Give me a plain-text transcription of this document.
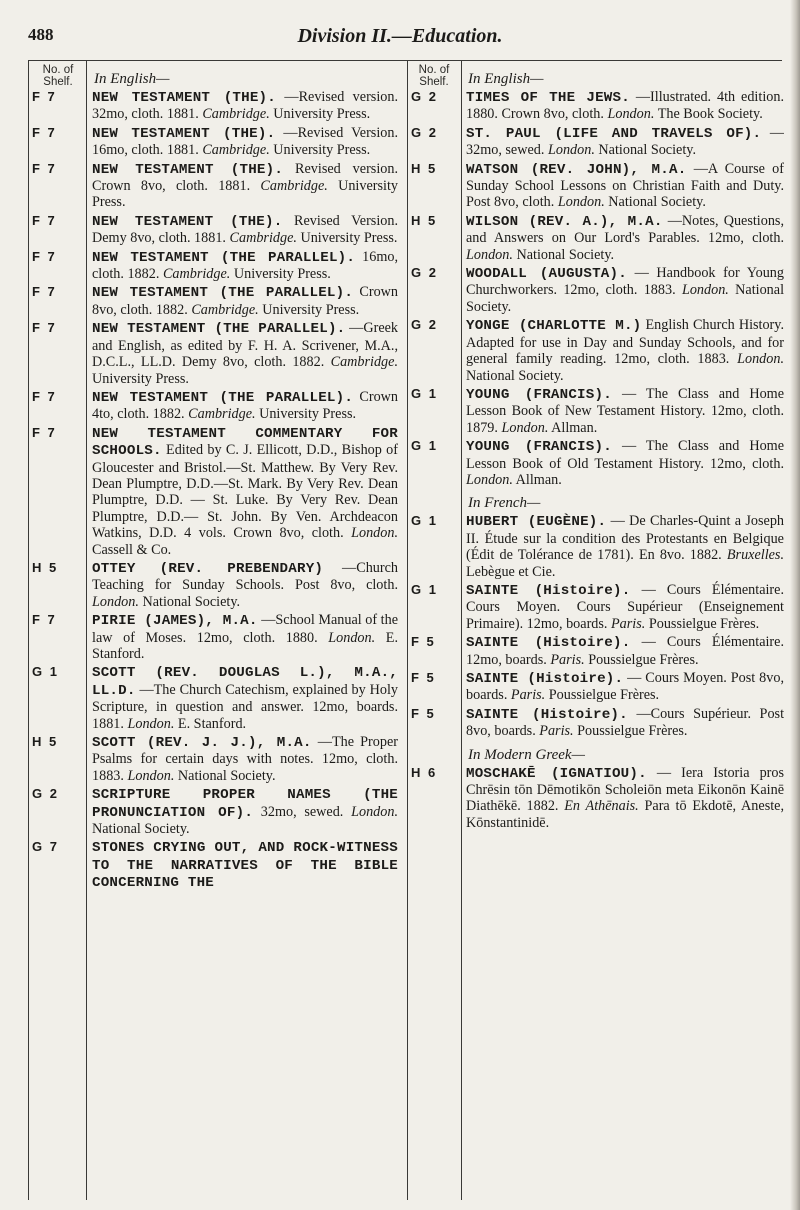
488	Division II.—Education.
No. of Shelf.	In English—
F 7 NEW TESTAMENT (THE). —Revised version. 32mo, cloth. 1881. Cambridge. University Press.
F 7 NEW TESTAMENT (THE). —Revised Version. 16mo, cloth. 1881. Cambridge. University Press.
F 7 NEW TESTAMENT (THE). Revised version. Crown 8vo, cloth. 1881. Cambridge. University Press.
F 7 NEW TESTAMENT (THE). Revised Version. Demy 8vo, cloth. 1881. Cambridge. University Press.
F 7 NEW TESTAMENT (THE PARALLEL). 16mo, cloth. 1882. Cambridge. University Press.
F 7 NEW TESTAMENT (THE PARALLEL). Crown 8vo, cloth. 1882. Cambridge. University Press.
F 7 NEW TESTAMENT (THE PARALLEL). —Greek and English, as edited by F. H. A. Scrivener, M.A., D.C.L., LL.D. Demy 8vo, cloth. 1882. Cambridge. University Press.
F 7 NEW TESTAMENT (THE PARALLEL). Crown 4to, cloth. 1882. Cambridge. University Press.
F 7 NEW TESTAMENT COMMENTARY FOR SCHOOLS. Edited by C. J. Ellicott, D.D., Bishop of Gloucester and Bristol.—St. Matthew. By Very Rev. Dean Plumptre, D.D.—St. Mark. By Very Rev. Dean Plumptre, D.D. — St. Luke. By Very Rev. Dean Plumptre, D.D.— St. John. By Ven. Archdeacon Watkins, D.D. 4 vols. Crown 8vo, cloth. London. Cassell & Co.
H 5 OTTEY (REV. PREBENDARY) —Church Teaching for Sunday Schools. Post 8vo, cloth. London. National Society.
F 7 PIRIE (JAMES), M.A. —School Manual of the law of Moses. 12mo, cloth. 1880. London. E. Stanford.
G 1 SCOTT (REV. DOUGLAS L.), M.A., LL.D. —The Church Catechism, explained by Holy Scripture, in question and answer. 12mo, boards. 1881. London. E. Stanford.
H 5 SCOTT (REV. J. J.), M.A. —The Proper Psalms for certain days with notes. 12mo, cloth. 1883. London. National Society.
G 2 SCRIPTURE PROPER NAMES (THE PRONUNCIATION OF). 32mo, sewed. London. National Society.
G 7 STONES CRYING OUT, AND ROCK-WITNESS TO THE NARRATIVES OF THE BIBLE CONCERNING THE
No. of Shelf.	In English—
G 2 TIMES OF THE JEWS. —Illustrated. 4th edition. 1880. Crown 8vo, cloth. London. The Book Society.
G 2 ST. PAUL (LIFE AND TRAVELS OF). — 32mo, sewed. London. National Society.
H 5 WATSON (REV. JOHN), M.A. —A Course of Sunday School Lessons on Christian Faith and Duty. Post 8vo, cloth. London. National Society.
H 5 WILSON (REV. A.), M.A. —Notes, Questions, and Answers on Our Lord's Parables. 12mo, cloth. London. National Society.
G 2 WOODALL (AUGUSTA). — Handbook for Young Churchworkers. 12mo, cloth. 1883. London. National Society.
G 2 YONGE (CHARLOTTE M.) English Church History. Adapted for use in Day and Sunday Schools, and for general family reading. 12mo, cloth. 1883. London. National Society.
G 1 YOUNG (FRANCIS). — The Class and Home Lesson Book of New Testament History. 12mo, cloth. 1879. London. Allman.
G 1 YOUNG (FRANCIS). — The Class and Home Lesson Book of Old Testament History. 12mo, cloth. London. Allman.
In French—
G 1 HUBERT (EUGÈNE). — De Charles-Quint a Joseph II. Étude sur la condition des Protestants en Belgique (Édit de Tolérance de 1781). En 8vo. 1882. Bruxelles. Lebègue et Cie.
G 1 SAINTE (Histoire). — Cours Élémentaire. Cours Moyen. Cours Supérieur (Enseignement Primaire). 12mo, boards. Paris. Poussielgue Frères.
F 5 SAINTE (Histoire). — Cours Élémentaire. 12mo, boards. Paris. Poussielgue Frères.
F 5 SAINTE (Histoire). — Cours Moyen. Post 8vo, boards. Paris. Poussielgue Frères.
F 5 SAINTE (Histoire). —Cours Supérieur. Post 8vo, boards. Paris. Poussielgue Frères.
In Modern Greek—
H 6 MOSCHAKĒ (IGNATIOU). — Iera Istoria pros Chrēsin tōn Dēmotikōn Scholeiōn meta Eikonōn Kainē Diathēkē. 1882. En Athēnais. Para tō Ekdotē, Aneste, Kōnstantinidē.
